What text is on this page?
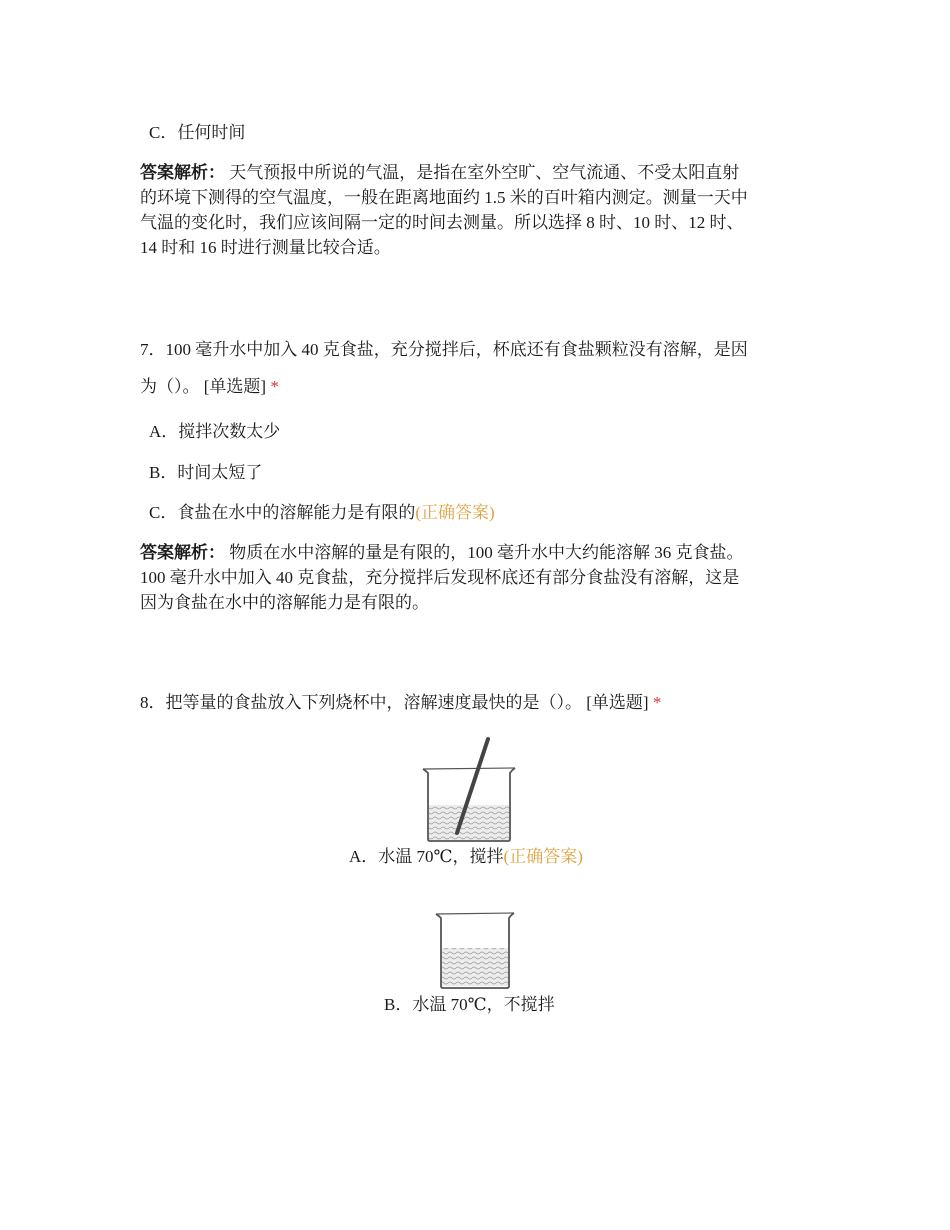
C．任何时间
答案解析： 天气预报中所说的气温，是指在室外空旷、空气流通、不受太阳直射
的环境下测得的空气温度，一般在距离地面约 1.5 米的百叶箱内测定。测量一天中
气温的变化时，我们应该间隔一定的时间去测量。所以选择 8 时、10 时、12 时、
14 时和 16 时进行测量比较合适。
7．100 毫升水中加入 40 克食盐，充分搅拌后，杯底还有食盐颗粒没有溶解，是因
为（）。 [单选题] *
A．搅拌次数太少
B．时间太短了
C．食盐在水中的溶解能力是有限的(正确答案)
答案解析： 物质在水中溶解的量是有限的，100 毫升水中大约能溶解 36 克食盐。
100 毫升水中加入 40 克食盐，充分搅拌后发现杯底还有部分食盐没有溶解，这是
因为食盐在水中的溶解能力是有限的。
8．把等量的食盐放入下列烧杯中，溶解速度最快的是（）。 [单选题] *
A．水温 70℃，搅拌(正确答案)
B．水温 70℃，不搅拌
